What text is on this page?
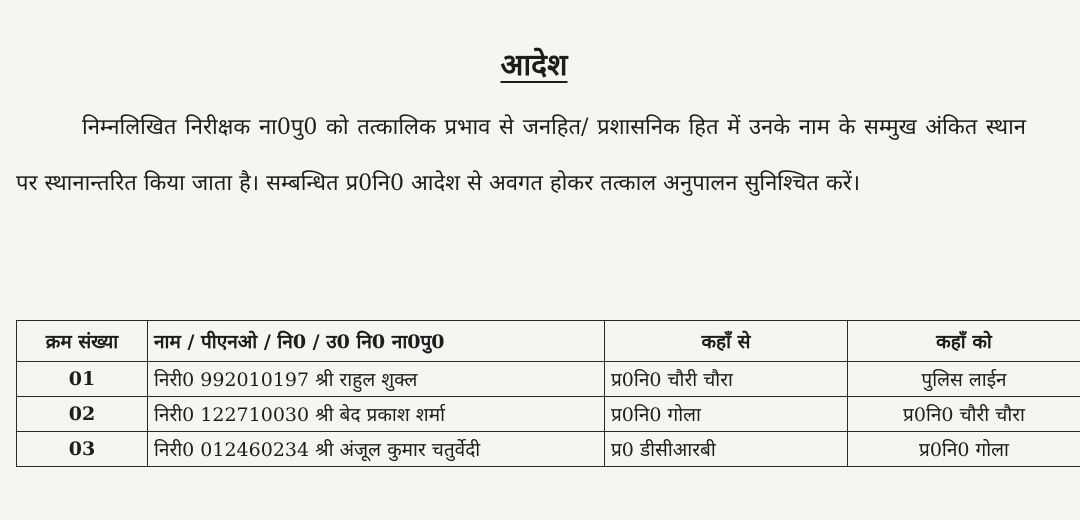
आदेश
निम्नलिखित निरीक्षक ना0पु0 को तत्कालिक प्रभाव से जनहित/ प्रशासनिक हित में उनके नाम के सम्मुख अंकित स्थान पर स्थानान्तरित किया जाता है। सम्बन्धित प्र0नि0 आदेश से अवगत होकर तत्काल अनुपालन सुनिश्चित करें।
क्रम संख्या	नाम / पीएनओ / नि0 / उ0 नि0 ना0पु0	कहाँ से	कहाँ को
01	निरी0 992010197 श्री राहुल शुक्ल	प्र0नि0 चौरी चौरा	पुलिस लाईन
02	निरी0 122710030 श्री बेद प्रकाश शर्मा	प्र0नि0 गोला	प्र0नि0 चौरी चौरा
03	निरी0 012460234 श्री अंजूल कुमार चतुर्वेदी	प्र0 डीसीआरबी	प्र0नि0 गोला
